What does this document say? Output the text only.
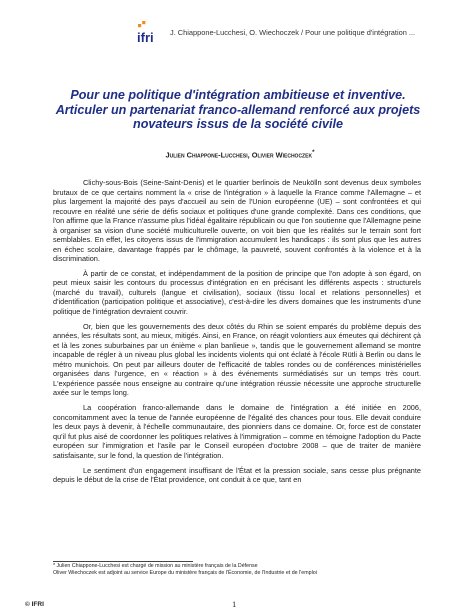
ifri J. Chiappone-Lucchesi, O. Wiechoczek / Pour une politique d'intégration ...
Pour une politique d'intégration ambitieuse et inventive.
Articuler un partenariat franco-allemand renforcé aux projets
novateurs issus de la société civile
Julien Chiappone-Lucchesi, Olivier Wiechoczek*

Clichy-sous-Bois (Seine-Saint-Denis) et le quartier berlinois de Neukölln sont devenus deux symboles brutaux de ce que certains nomment la « crise de l'intégration » à laquelle la France comme l'Allemagne – et plus largement la majorité des pays d'accueil au sein de l'Union européenne (UE) – sont confrontées et qui recouvre en réalité une série de défis sociaux et politiques d'une grande complexité. Dans ces conditions, que l'on affirme que la France n'assume plus l'idéal égalitaire républicain ou que l'on soutienne que l'Allemagne peine à organiser sa vision d'une société multiculturelle ouverte, on voit bien que les réalités sur le terrain sont fort semblables. En effet, les citoyens issus de l'immigration accumulent les handicaps : ils sont plus que les autres en échec scolaire, davantage frappés par le chômage, la pauvreté, souvent confrontés à la violence et à la discrimination.

À partir de ce constat, et indépendamment de la position de principe que l'on adopte à son égard, on peut mieux saisir les contours du processus d'intégration en en précisant les différents aspects : structurels (marché du travail), culturels (langue et civilisation), sociaux (tissu local et relations personnelles) et d'identification (participation politique et associative), c'est-à-dire les divers domaines que les instruments d'une politique de l'intégration devraient couvrir.

Or, bien que les gouvernements des deux côtés du Rhin se soient emparés du problème depuis des années, les résultats sont, au mieux, mitigés. Ainsi, en France, on réagit volontiers aux émeutes qui déchirent çà et là les zones suburbaines par un énième « plan banlieue », tandis que le gouvernement allemand se montre incapable de régler à un niveau plus global les incidents violents qui ont éclaté à l'école Rütli à Berlin ou dans le métro munichois. On peut par ailleurs douter de l'efficacité de tables rondes ou de conférences ministérielles organisées dans l'urgence, en « réaction » à des événements surmédiatisés sur un temps très court. L'expérience passée nous enseigne au contraire qu'une intégration réussie nécessite une approche structurelle axée sur le temps long.

La coopération franco-allemande dans le domaine de l'intégration a été initiée en 2006, concomitamment avec la tenue de l'année européenne de l'égalité des chances pour tous. Elle devait conduire les deux pays à devenir, à l'échelle communautaire, des pionniers dans ce domaine. Or, force est de constater qu'il fut plus aisé de coordonner les politiques relatives à l'immigration – comme en témoigne l'adoption du Pacte européen sur l'immigration et l'asile par le Conseil européen d'octobre 2008 – que de traiter de manière satisfaisante, sur le fond, la question de l'intégration.

Le sentiment d'un engagement insuffisant de l'État et la pression sociale, sans cesse plus prégnante depuis le début de la crise de l'État providence, ont conduit à ce que, tant en

* Julien Chiappone-Lucchesi est chargé de mission au ministère français de la Défense
Oliver Wiechoczek est adjoint au service Europe du ministère français de l'Économie, de l'Industrie et de l'emploi
© IFRI	1
